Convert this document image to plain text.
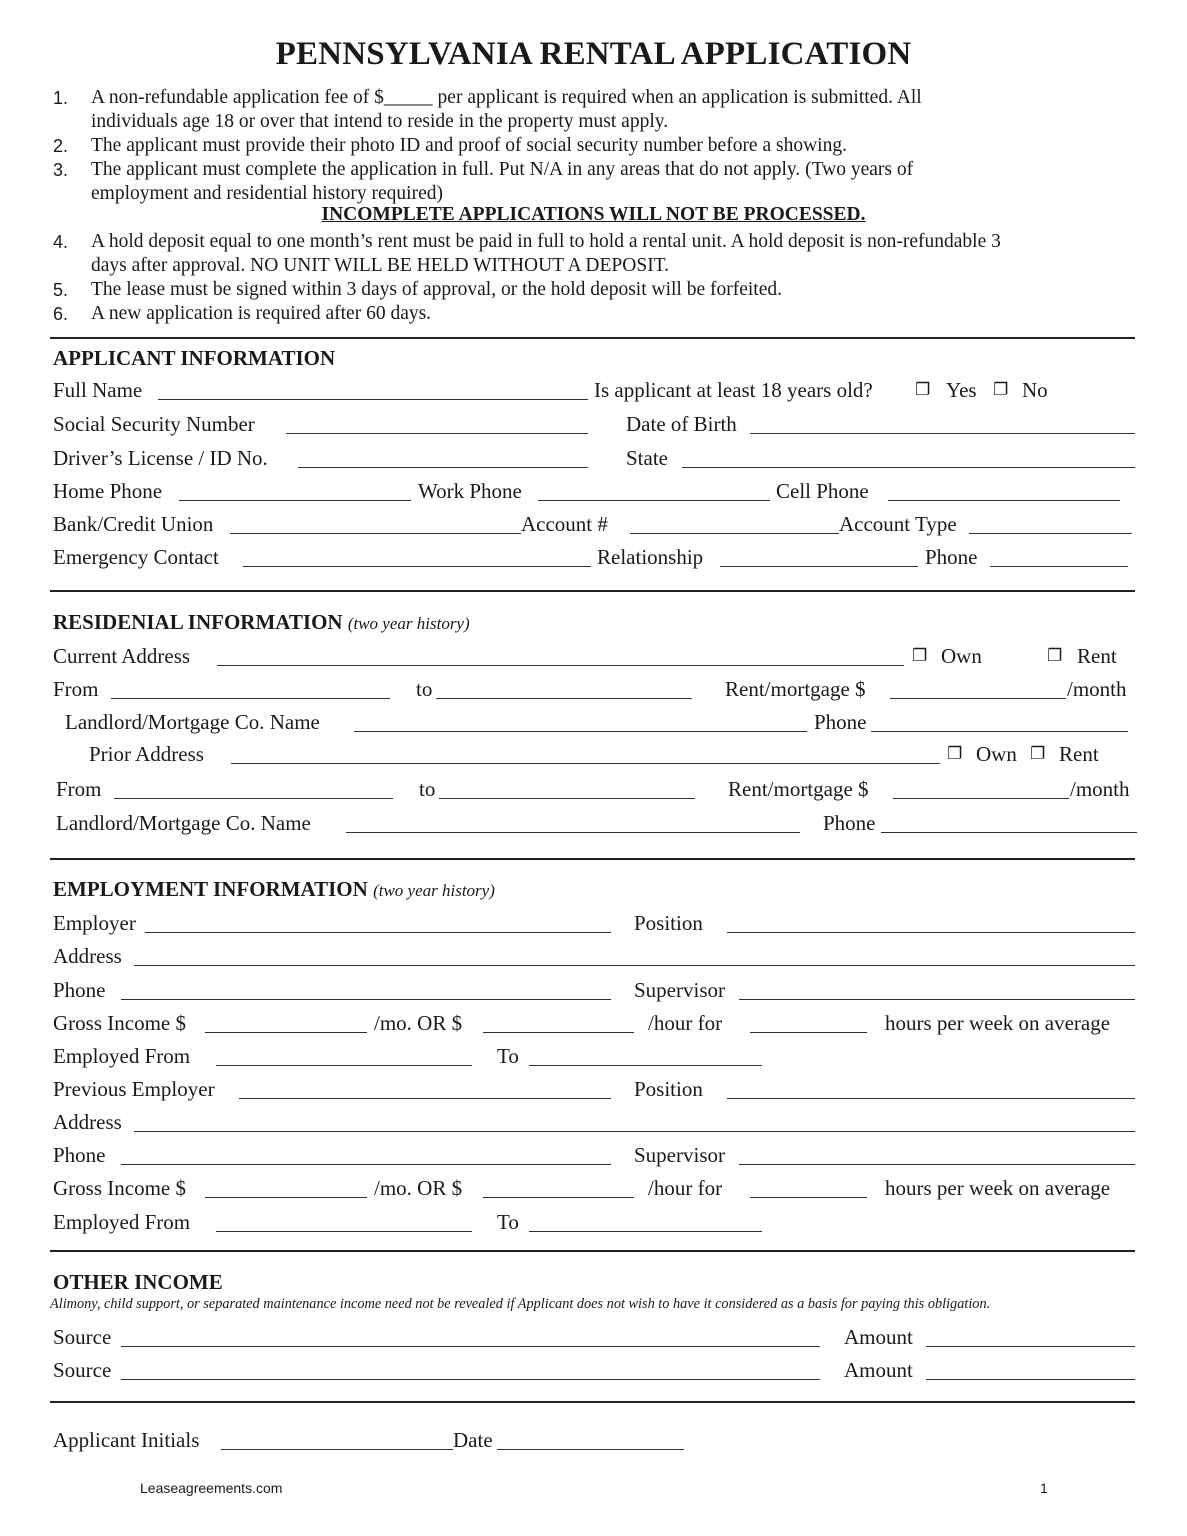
PENNSYLVANIA RENTAL APPLICATION
1. A non-refundable application fee of $_____ per applicant is required when an application is submitted. All
individuals age 18 or over that intend to reside in the property must apply.
2. The applicant must provide their photo ID and proof of social security number before a showing.
3. The applicant must complete the application in full. Put N/A in any areas that do not apply. (Two years of
employment and residential history required)
4. A hold deposit equal to one month’s rent must be paid in full to hold a rental unit. A hold deposit is non-refundable 3
days after approval. NO UNIT WILL BE HELD WITHOUT A DEPOSIT.
5. The lease must be signed within 3 days of approval, or the hold deposit will be forfeited.
6. A new application is required after 60 days.
INCOMPLETE APPLICATIONS WILL NOT BE PROCESSED.
APPLICANT INFORMATION
Full Name	Is applicant at least 18 years old? ❐ Yes ❐ No
Social Security Number	Date of Birth
Driver’s License / ID No.	State
Home Phone	Work Phone	Cell Phone
Bank/Credit Union	Account #	Account Type
Emergency Contact	Relationship	Phone
RESIDENIAL INFORMATION (two year history)
Current Address	❐ Own	❐ Rent
From	to	Rent/mortgage $	/month
Landlord/Mortgage Co. Name	Phone
Prior Address	❐ Own ❐ Rent
From	to	Rent/mortgage $	/month
Landlord/Mortgage Co. Name	Phone
EMPLOYMENT INFORMATION (two year history)
Employer	Position
Address
Phone	Supervisor
Gross Income $	/mo. OR $	/hour for	hours per week on average
Employed From	To
Previous Employer	Position
Address
Phone	Supervisor
Gross Income $	/mo. OR $	/hour for	hours per week on average
Employed From	To
OTHER INCOME
Alimony, child support, or separated maintenance income need not be revealed if Applicant does not wish to have it considered as a basis for paying this obligation.
Source	Amount
Source	Amount
Applicant Initials	Date
Leaseagreements.com	1
